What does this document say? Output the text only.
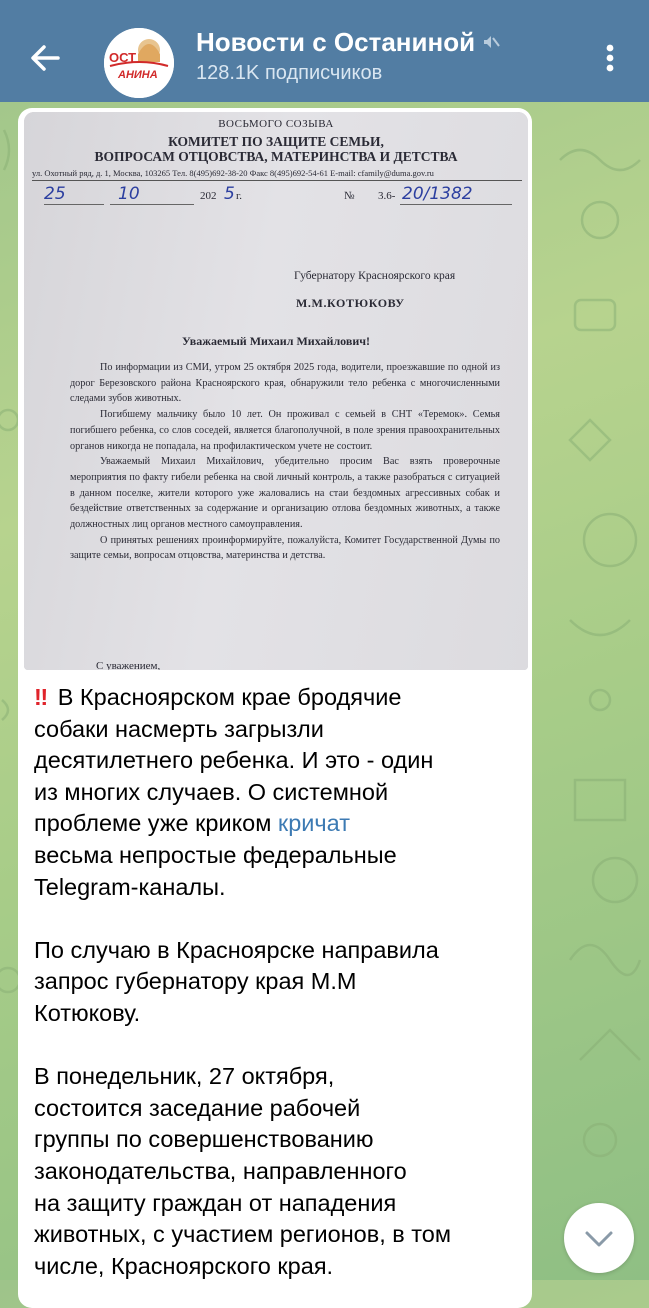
ОСТ
АНИНА
Новости с Останиной
128.1K подписчиков
ВОСЬМОГО СОЗЫВА
КОМИТЕТ ПО ЗАЩИТЕ СЕМЬИ,
ВОПРОСАМ ОТЦОВСТВА, МАТЕРИНСТВА И ДЕТСТВА
ул. Охотный ряд, д. 1, Москва, 103265 Тел. 8(495)692-38-20 Факс 8(495)692-54-61 E-mail: cfamily@duma.gov.ru
25	10	202 5 г.	№ 3.6- 20/1382
Губернатору Красноярского края
М.М.КОТЮКОВУ
Уважаемый Михаил Михайлович!

По информации из СМИ, утром 25 октября 2025 года, водители, проезжавшие по одной из дорог Березовского района Красноярского края, обнаружили тело ребенка с многочисленными следами зубов животных.

Погибшему мальчику было 10 лет. Он проживал с семьей в СНТ «Теремок». Семья погибшего ребенка, со слов соседей, является благополучной, в поле зрения правоохранительных органов никогда не попадала, на профилактическом учете не состоит.

Уважаемый Михаил Михайлович, убедительно просим Вас взять проверочные мероприятия по факту гибели ребенка на свой личный контроль, а также разобраться с ситуацией в данном поселке, жители которого уже жаловались на стаи бездомных агрессивных собак и бездействие ответственных за содержание и организацию отлова бездомных животных, а также должностных лиц органов местного самоуправления.

О принятых решениях проинформируйте, пожалуйста, Комитет Государственной Думы по защите семьи, вопросам отцовства, материнства и детства.

С уважением,
‼ В Красноярском крае бродячие
собаки насмерть загрызли
десятилетнего ребенка. И это - один
из многих случаев. О системной
проблеме уже криком кричат
весьма непростые федеральные
Telegram-каналы.

По случаю в Красноярске направила
запрос губернатору края М.М
Котюкову.

В понедельник, 27 октября,
состоится заседание рабочей
группы по совершенствованию
законодательства, направленного
на защиту граждан от нападения
животных, с участием регионов, в том
числе, Красноярского края.
